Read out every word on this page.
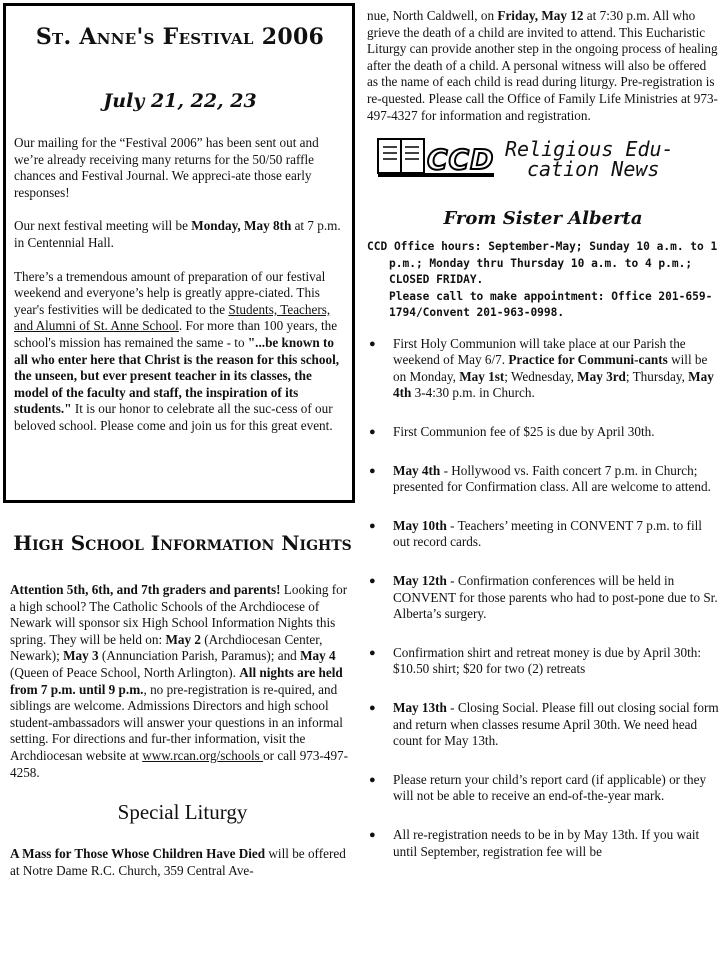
St. Anne's Festival 2006
July 21, 22, 23

Our mailing for the “Festival 2006” has been sent out and we’re already receiving many returns for the 50/50 raffle chances and Festival Journal. We appreci-ate those early responses!

Our next festival meeting will be Monday, May 8th at 7 p.m. in Centennial Hall.

There’s a tremendous amount of preparation of our festival weekend and everyone’s help is greatly appre-ciated. This year's festivities will be dedicated to the Students, Teachers, and Alumni of St. Anne School. For more than 100 years, the school's mission has remained the same - to "...be known to all who enter here that Christ is the reason for this school, the unseen, but ever present teacher in its classes, the model of the faculty and staff, the inspiration of its students." It is our honor to celebrate all the suc-cess of our beloved school. Please come and join us for this great event.

High School Information Nights

Attention 5th, 6th, and 7th graders and parents! Looking for a high school? The Catholic Schools of the Archdiocese of Newark will sponsor six High School Information Nights this spring. They will be held on: May 2 (Archdiocesan Center, Newark); May 3 (Annunciation Parish, Paramus); and May 4 (Queen of Peace School, North Arlington). All nights are held from 7 p.m. until 9 p.m., no pre-registration is re-quired, and siblings are welcome. Admissions Directors and high school student-ambassadors will answer your questions in an informal setting. For directions and fur-ther information, visit the Archdiocesan website at www.rcan.org/schools or call 973-497-4258.

Special Liturgy

A Mass for Those Whose Children Have Died will be offered at Notre Dame R.C. Church, 359 Central Ave-

nue, North Caldwell, on Friday, May 12 at 7:30 p.m. All who grieve the death of a child are invited to attend. This Eucharistic Liturgy can provide another step in the ongoing process of healing after the death of a child. A personal witness will also be offered as the name of each child is read during liturgy. Pre-registration is re-quested. Please call the Office of Family Life Ministries at 973-497-4327 for information and registration.

CCD Religious Edu-
cation News
From Sister Alberta
CCD Office hours: September-May; Sunday 10 a.m. to 1 p.m.; Monday thru Thursday 10 a.m. to 4 p.m.; CLOSED FRIDAY.
Please call to make appointment: Office 201-659-1794/Convent 201-963-0998.
● First Holy Communion will take place at our Parish the weekend of May 6/7. Practice for Communi-cants will be on Monday, May 1st; Wednesday, May 3rd; Thursday, May 4th 3-4:30 p.m. in Church.
● First Communion fee of $25 is due by April 30th.
● May 4th - Hollywood vs. Faith concert 7 p.m. in Church; presented for Confirmation class. All are welcome to attend.
● May 10th - Teachers’ meeting in CONVENT 7 p.m. to fill out record cards.
● May 12th - Confirmation conferences will be held in CONVENT for those parents who had to post-pone due to Sr. Alberta’s surgery.
● Confirmation shirt and retreat money is due by April 30th: $10.50 shirt; $20 for two (2) retreats
● May 13th - Closing Social. Please fill out closing social form and return when classes resume April 30th. We need head count for May 13th.
● Please return your child’s report card (if applicable) or they will not be able to receive an end-of-the-year mark.
● All re-registration needs to be in by May 13th. If you wait until September, registration fee will be
